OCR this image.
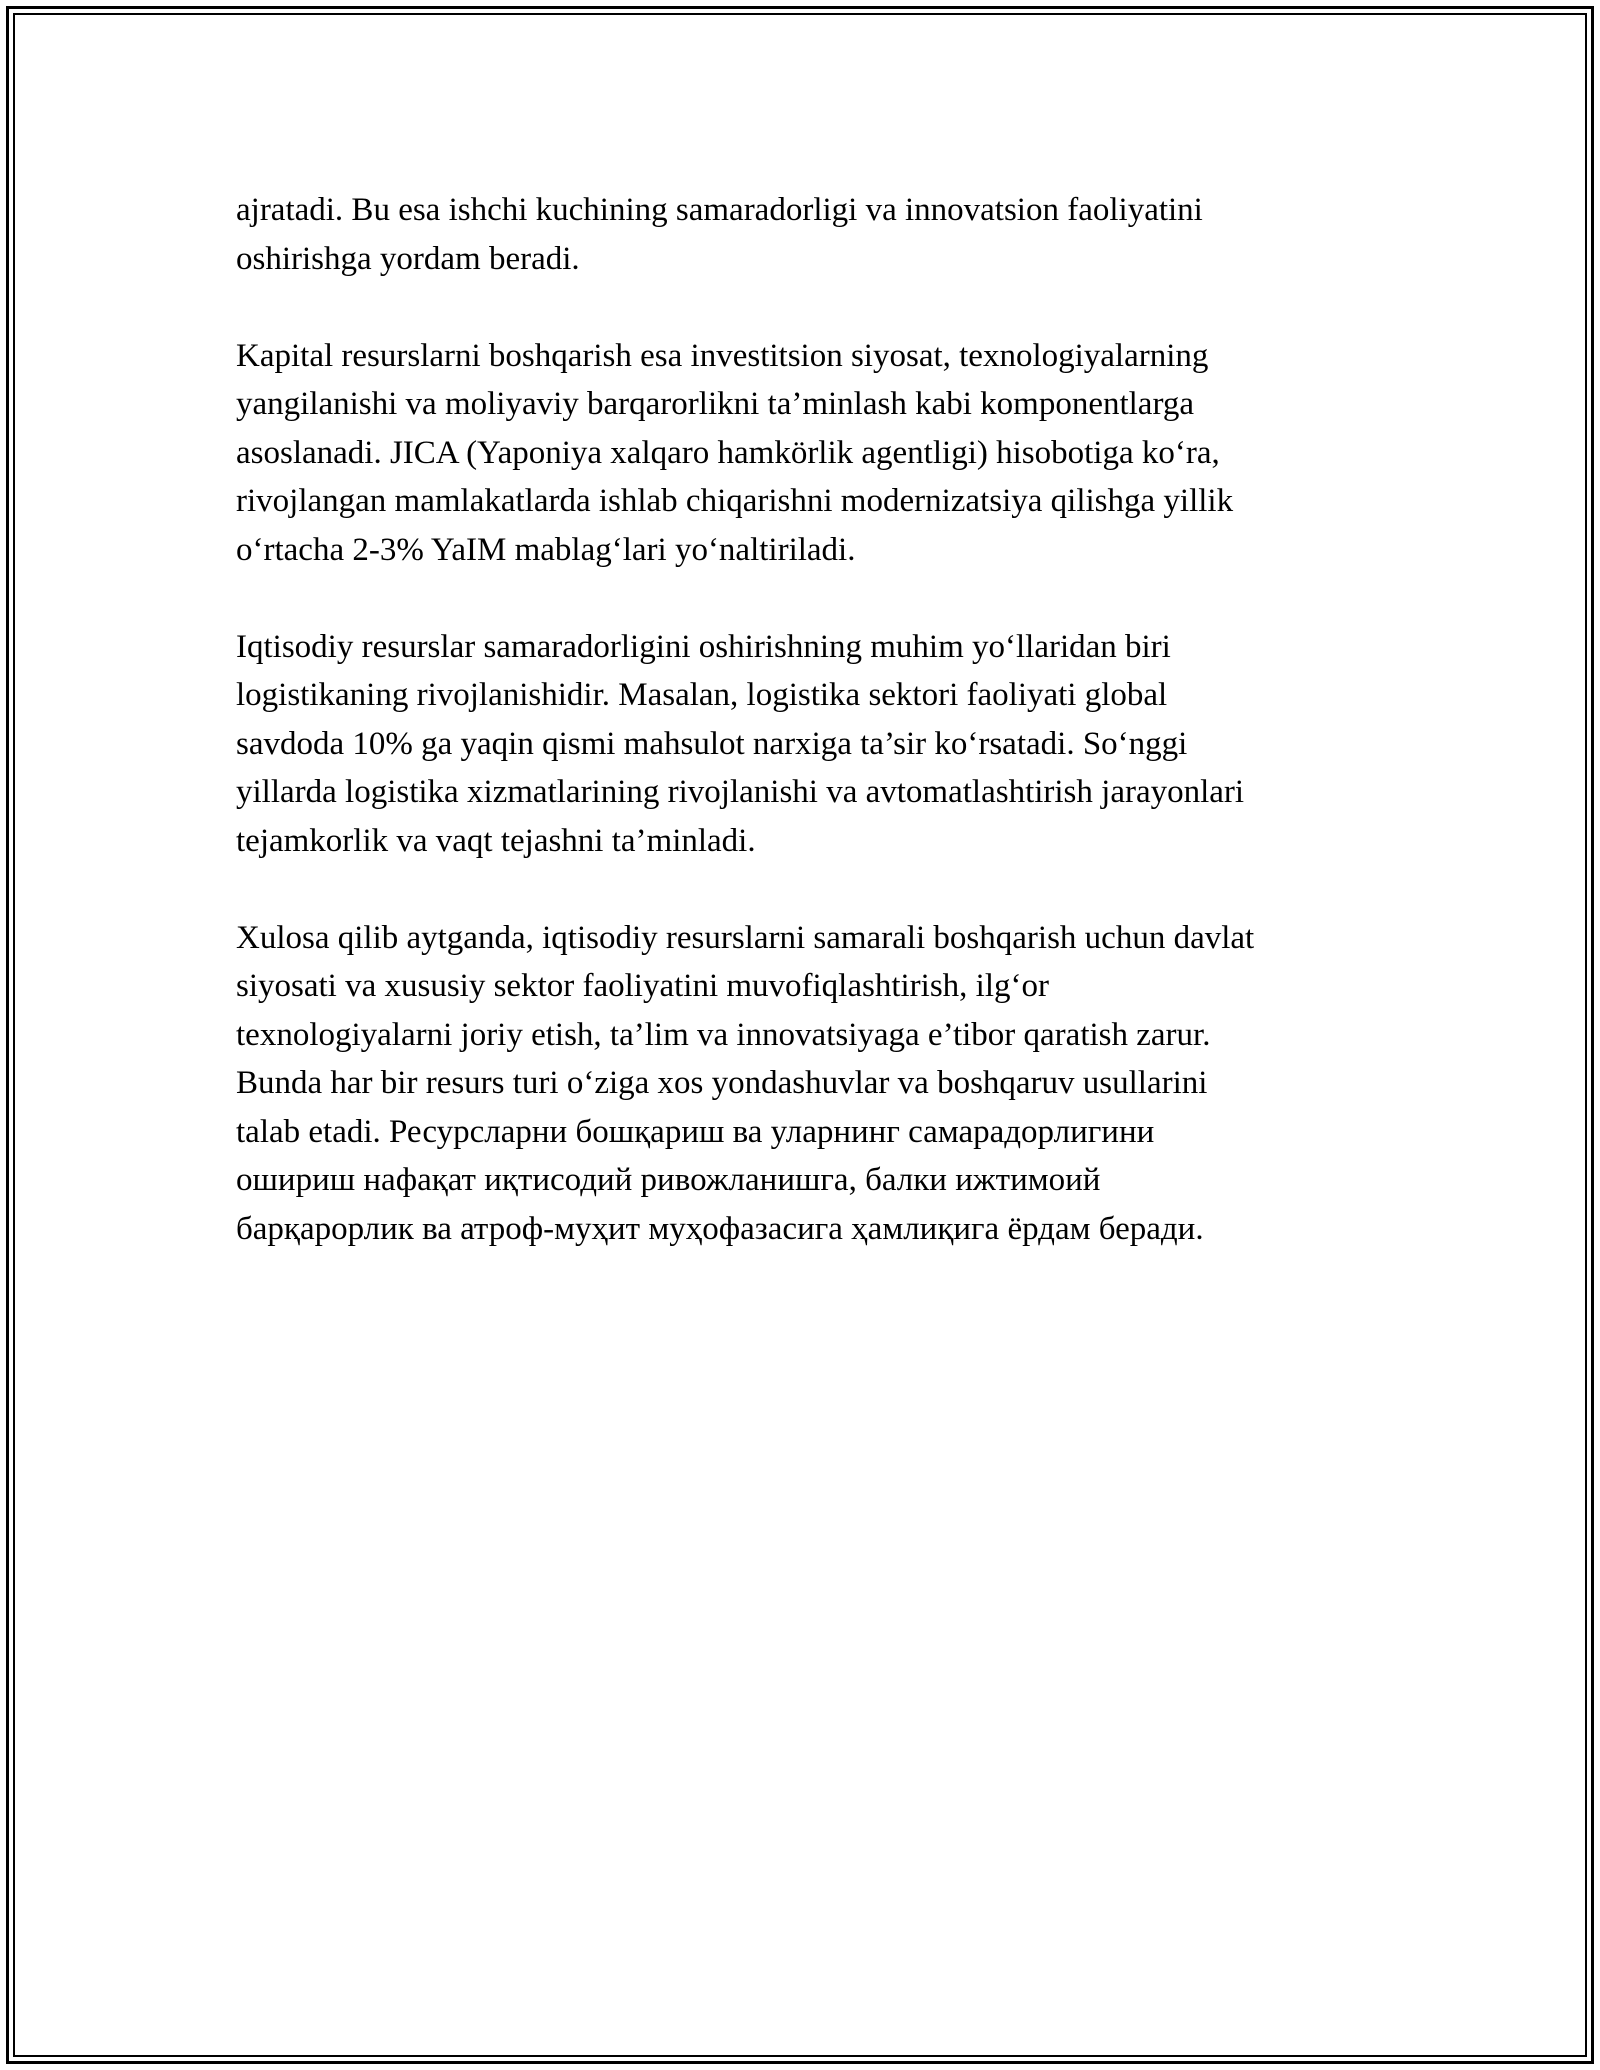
ajratadi. Bu esa ishchi kuchining samaradorligi va innovatsion faoliyatini
oshirishga yordam beradi.

Kapital resurslarni boshqarish esa investitsion siyosat, texnologiyalarning
yangilanishi va moliyaviy barqarorlikni ta’minlash kabi komponentlarga
asoslanadi. JICA (Yaponiya xalqaro hamkörlik agentligi) hisobotiga ko‘ra,
rivojlangan mamlakatlarda ishlab chiqarishni modernizatsiya qilishga yillik
o‘rtacha 2-3% YaIM mablag‘lari yo‘naltiriladi.

Iqtisodiy resurslar samaradorligini oshirishning muhim yo‘llaridan biri
logistikaning rivojlanishidir. Masalan, logistika sektori faoliyati global
savdoda 10% ga yaqin qismi mahsulot narxiga ta’sir ko‘rsatadi. So‘nggi
yillarda logistika xizmatlarining rivojlanishi va avtomatlashtirish jarayonlari
tejamkorlik va vaqt tejashni ta’minladi.

Xulosa qilib aytganda, iqtisodiy resurslarni samarali boshqarish uchun davlat
siyosati va xususiy sektor faoliyatini muvofiqlashtirish, ilg‘or
texnologiyalarni joriy etish, ta’lim va innovatsiyaga e’tibor qaratish zarur.
Bunda har bir resurs turi o‘ziga xos yondashuvlar va boshqaruv usullarini
talab etadi. Ресурсларни бошқариш ва уларнинг самарадорлигини
ошириш нафақат иқтисодий ривожланишга, балки ижтимоий
барқарорлик ва атроф-муҳит муҳофазасига ҳамлиқига ёрдам беради.
